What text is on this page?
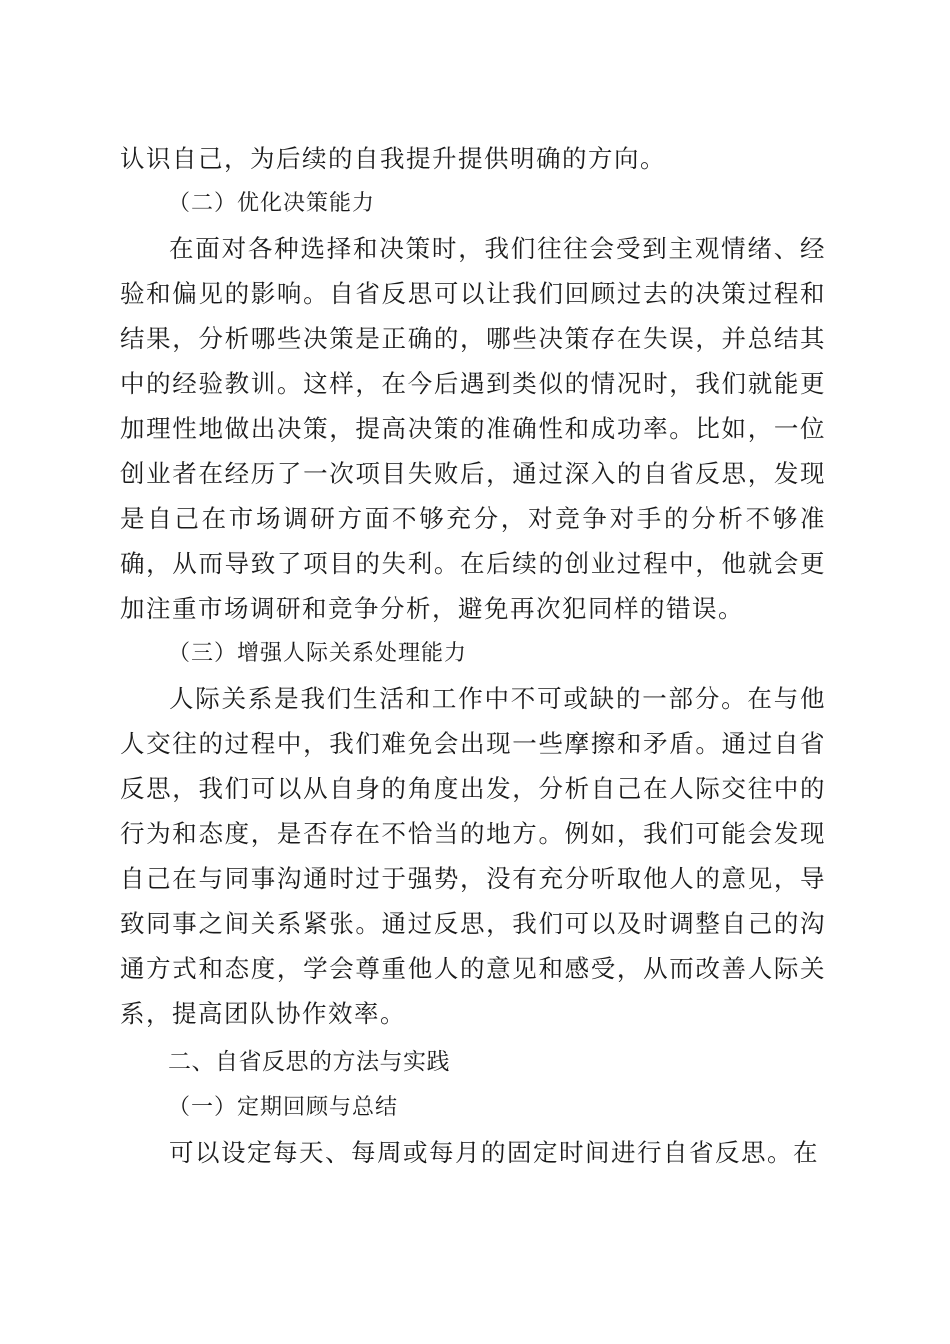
认识自己，为后续的自我提升提供明确的方向。

（二）优化决策能力

在面对各种选择和决策时，我们往往会受到主观情绪、经验和偏见的影响。自省反思可以让我们回顾过去的决策过程和结果，分析哪些决策是正确的，哪些决策存在失误，并总结其中的经验教训。这样，在今后遇到类似的情况时，我们就能更加理性地做出决策，提高决策的准确性和成功率。比如，一位创业者在经历了一次项目失败后，通过深入的自省反思，发现是自己在市场调研方面不够充分，对竞争对手的分析不够准确，从而导致了项目的失利。在后续的创业过程中，他就会更加注重市场调研和竞争分析，避免再次犯同样的错误。

（三）增强人际关系处理能力

人际关系是我们生活和工作中不可或缺的一部分。在与他人交往的过程中，我们难免会出现一些摩擦和矛盾。通过自省反思，我们可以从自身的角度出发，分析自己在人际交往中的行为和态度，是否存在不恰当的地方。例如，我们可能会发现自己在与同事沟通时过于强势，没有充分听取他人的意见，导致同事之间关系紧张。通过反思，我们可以及时调整自己的沟通方式和态度，学会尊重他人的意见和感受，从而改善人际关系，提高团队协作效率。

二、自省反思的方法与实践
（一）定期回顾与总结

可以设定每天、每周或每月的固定时间进行自省反思。在
